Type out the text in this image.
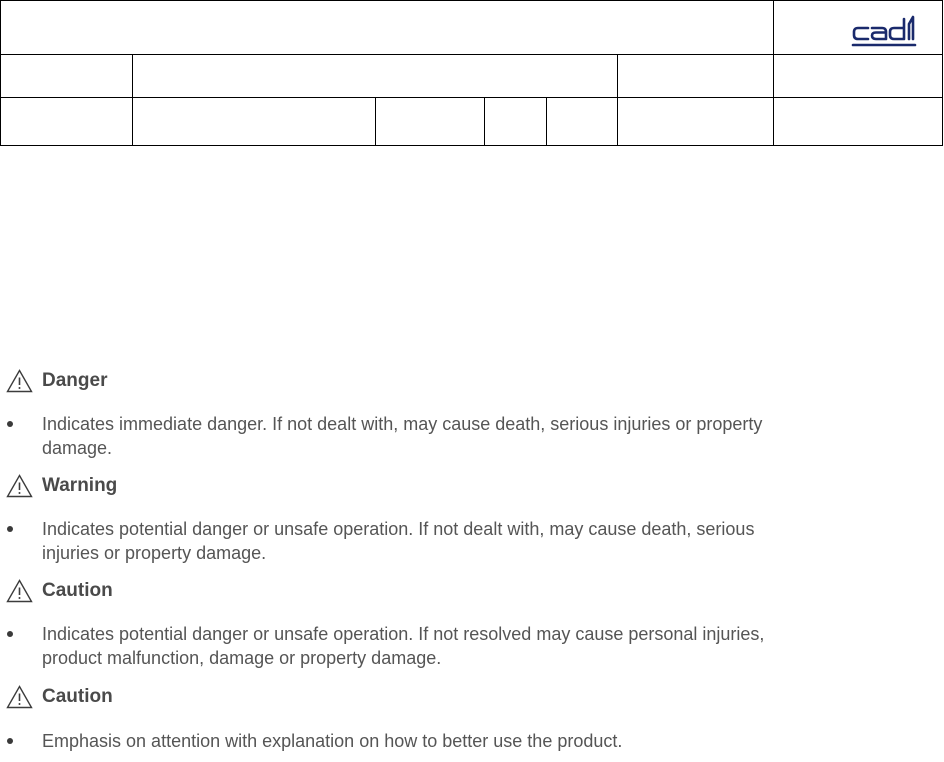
Danger
Indicates immediate danger. If not dealt with, may cause death, serious injuries or property damage.
Warning
Indicates potential danger or unsafe operation. If not dealt with, may cause death, serious injuries or property damage.
Caution
Indicates potential danger or unsafe operation. If not resolved may cause personal injuries, product malfunction, damage or property damage.
Caution
Emphasis on attention with explanation on how to better use the product.
